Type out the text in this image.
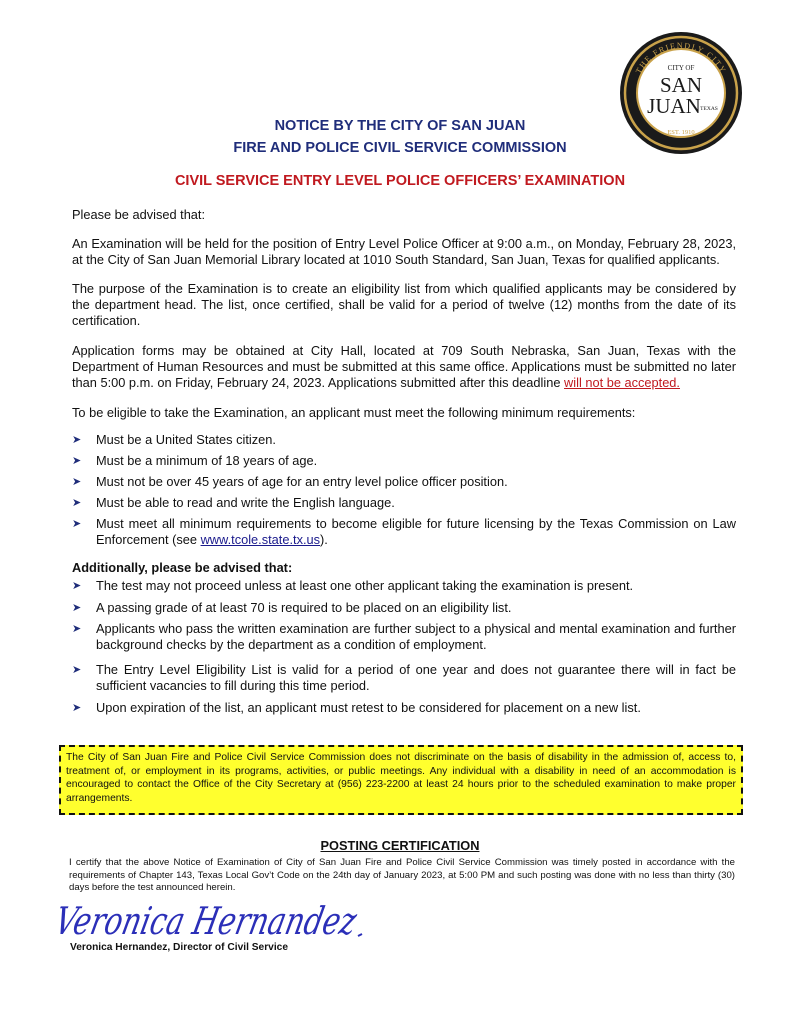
THE FRIENDLY CITY
CITY OF
SAN
JUAN TEXAS
EST. 1910
NOTICE BY THE CITY OF SAN JUAN
FIRE AND POLICE CIVIL SERVICE COMMISSION
CIVIL SERVICE ENTRY LEVEL POLICE OFFICERS’ EXAMINATION

Please be advised that:

An Examination will be held for the position of Entry Level Police Officer at 9:00 a.m., on Monday, February 28, 2023, at the City of San Juan Memorial Library located at 1010 South Standard, San Juan, Texas for qualified applicants.

The purpose of the Examination is to create an eligibility list from which qualified applicants may be considered by the department head. The list, once certified, shall be valid for a period of twelve (12) months from the date of its certification.

Application forms may be obtained at City Hall, located at 709 South Nebraska, San Juan, Texas with the Department of Human Resources and must be submitted at this same office. Applications must be submitted no later than 5:00 p.m. on Friday, February 24, 2023. Applications submitted after this deadline will not be accepted.

To be eligible to take the Examination, an applicant must meet the following minimum requirements:

➤ Must be a United States citizen.
➤ Must be a minimum of 18 years of age.
➤ Must not be over 45 years of age for an entry level police officer position.
➤ Must be able to read and write the English language.
➤ Must meet all minimum requirements to become eligible for future licensing by the Texas Commission on Law Enforcement (see www.tcole.state.tx.us).
Additionally, please be advised that:
➤ The test may not proceed unless at least one other applicant taking the examination is present.
➤ A passing grade of at least 70 is required to be placed on an eligibility list.
➤ Applicants who pass the written examination are further subject to a physical and mental examination and further background checks by the department as a condition of employment.
➤ The Entry Level Eligibility List is valid for a period of one year and does not guarantee there will in fact be sufficient vacancies to fill during this time period.
➤ Upon expiration of the list, an applicant must retest to be considered for placement on a new list.
The City of San Juan Fire and Police Civil Service Commission does not discriminate on the basis of disability in the admission of, access to, treatment of, or employment in its programs, activities, or public meetings. Any individual with a disability in need of an accommodation is encouraged to contact the Office of the City Secretary at (956) 223-2200 at least 24 hours prior to the scheduled examination to make proper arrangements.
POSTING CERTIFICATION
I certify that the above Notice of Examination of City of San Juan Fire and Police Civil Service Commission was timely posted in accordance with the requirements of Chapter 143, Texas Local Gov’t Code on the 24th day of January 2023, at 5:00 PM and such posting was done with no less than thirty (30) days before the test announced herein.
Veronica Hernandez
Veronica Hernandez, Director of Civil Service
